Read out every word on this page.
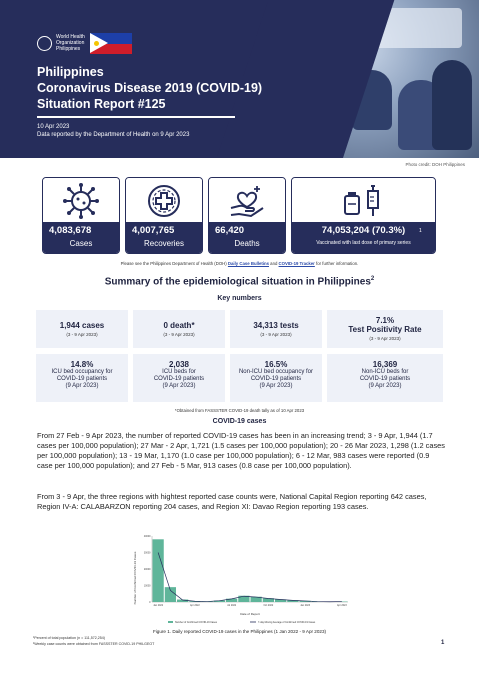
World Health
Organization
Philippines
Philippines
Coronavirus Disease 2019 (COVID-19)
Situation Report #125
10 Apr 2023
Data reported by the Department of Health on 9 Apr 2023
Photo credit: DOH Philippines
4,083,678
Cases
4,007,765
Recoveries
66,420
Deaths
74,053,204 (70.3%)
Vaccinated with last dose of primary series
1
Please see the Philippines Department of Health (DOH) Daily Case Bulletins and COVID-19 Tracker for further information.
Summary of the epidemiological situation in Philippines$^2$
Key numbers
1,944 cases
(3 - 9 Apr 2023)
0 death*
(3 - 9 Apr 2023)
34,313 tests
(3 - 9 Apr 2023)
7.1%
Test Positivity Rate
(3 - 9 Apr 2023)
14.8%
ICU bed occupancy for
COVID-19 patients
(9 Apr 2023)
2,038
ICU beds for
COVID-19 patients
(9 Apr 2023)
16.5%
Non-ICU bed occupancy for
COVID-19 patients
(9 Apr 2023)
16,369
Non-ICU beds for
COVID-19 patients
(9 Apr 2023)
*Obtained from FASSSTER COVID-19 death tally as of 10 Apr 2023
COVID-19 cases
From 27 Feb - 9 Apr 2023, the number of reported COVID-19 cases has been in an increasing trend; 3 - 9 Apr, 1,944 (1.7 cases per 100,000 population); 27 Mar - 2 Apr, 1,721 (1.5 cases per 100,000 population); 20 - 26 Mar 2023, 1,298 (1.2 cases per 100,000 population); 13 - 19 Mar, 1,170 (1.0 case per 100,000 population); 6 - 12 Mar, 983 cases were reported (0.9 case per 100,000 population); and 27 Feb - 5 Mar, 913 cases (0.8 case per 100,000 population).
From 3 - 9 Apr, the three regions with hightest reported case counts were, National Capital Region reporting 642 cases, Region IV-A: CALABARZON reporting 204 cases, and Region XI: Davao Region reporting 193 cases.
Number of Confirmed COVID-19 Cases
Jan 2022	Apr 2022	Jul 2022	Oct 2022	Jan 2023	Apr 2023
0
10000
20000
30000
40000
Date of Report
Number of Confirmed COVID-19 Cases	7-day Moving Average of Confirmed COVID-19 Cases
Figure 1. Daily reported COVID-19 cases in the Philippines (1 Jan 2022 - 9 Apr 2023)
¹Percent of total population (n = 111,572,254)
²Weekly case counts were obtained from FASSSTER COVID-19 PHILGEOT	1
